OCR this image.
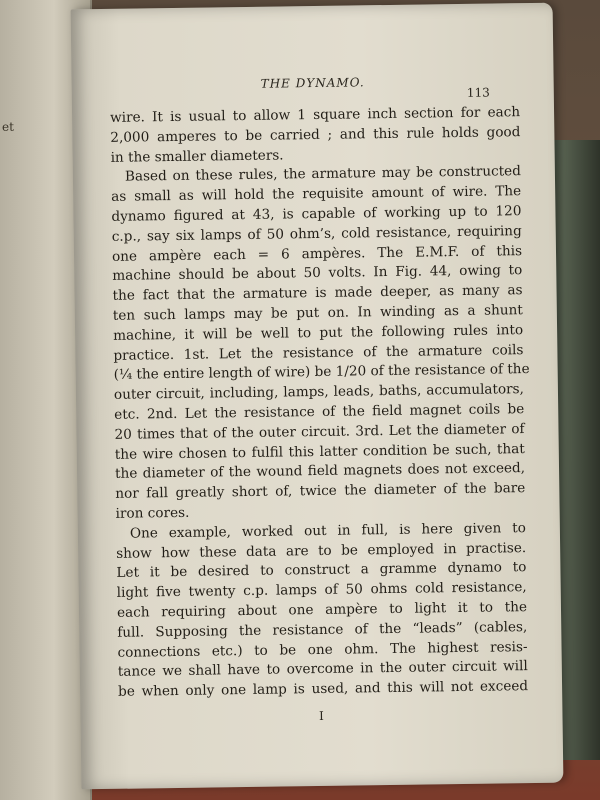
et
THE DYNAMO.
113
wire. It is usual to allow 1 square inch section for each
2,000 amperes to be carried ; and this rule holds good
in the smaller diameters.
Based on these rules, the armature may be constructed
as small as will hold the requisite amount of wire. The
dynamo figured at 43, is capable of working up to 120
c.p., say six lamps of 50 ohm’s, cold resistance, requiring
one ampère each = 6 ampères. The E.M.F. of this
machine should be about 50 volts. In Fig. 44, owing to
the fact that the armature is made deeper, as many as
ten such lamps may be put on. In winding as a shunt
machine, it will be well to put the following rules into
practice. 1st. Let the resistance of the armature coils
(¼ the entire length of wire) be 1/20 of the resistance of the
outer circuit, including, lamps, leads, baths, accumulators,
etc. 2nd. Let the resistance of the field magnet coils be
20 times that of the outer circuit. 3rd. Let the diameter of
the wire chosen to fulfil this latter condition be such, that
the diameter of the wound field magnets does not exceed,
nor fall greatly short of, twice the diameter of the bare
iron cores.
One example, worked out in full, is here given to
show how these data are to be employed in practise.
Let it be desired to construct a gramme dynamo to
light five twenty c.p. lamps of 50 ohms cold resistance,
each requiring about one ampère to light it to the
full. Supposing the resistance of the “leads” (cables,
connections etc.) to be one ohm. The highest resis-
tance we shall have to overcome in the outer circuit will
be when only one lamp is used, and this will not exceed
I
